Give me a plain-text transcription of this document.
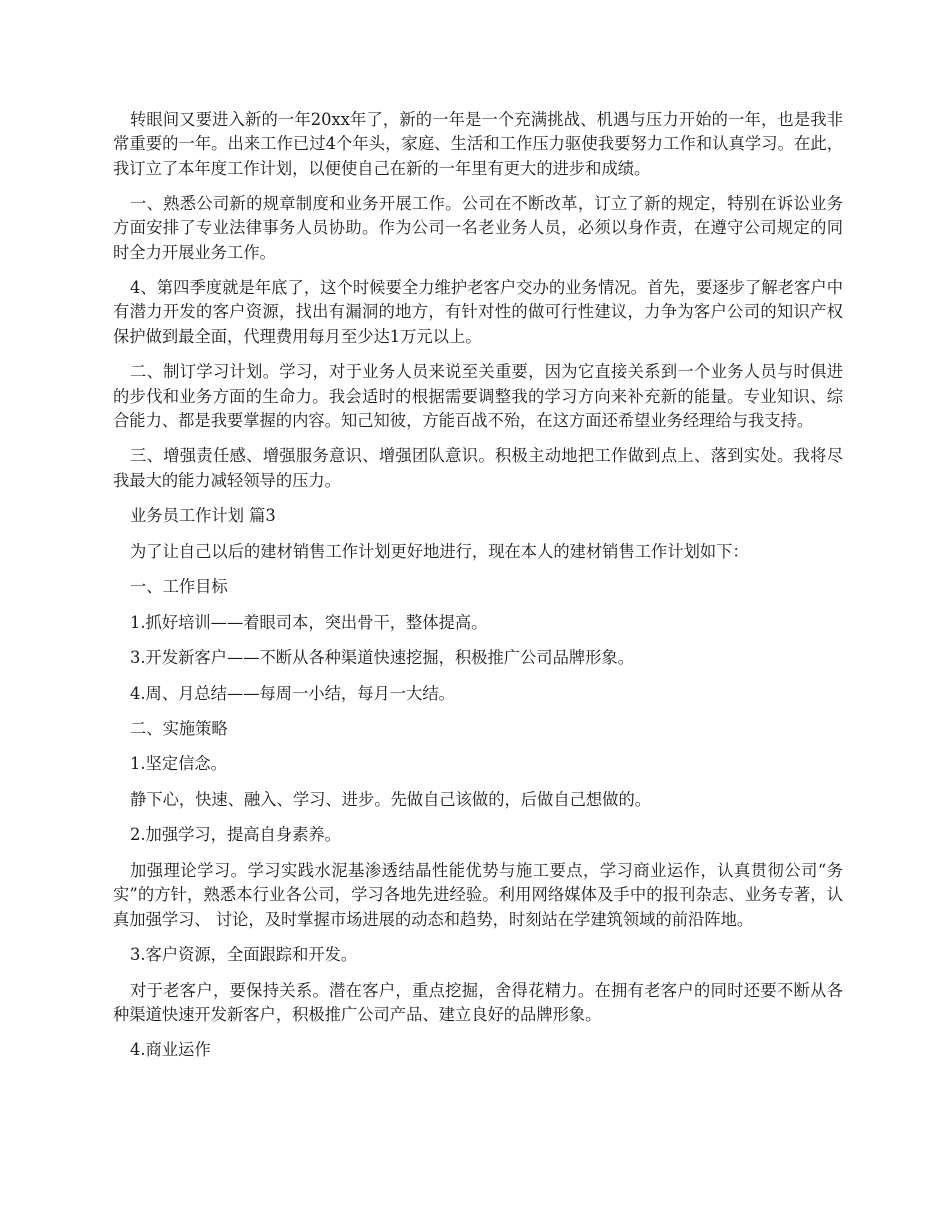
转眼间又要进入新的一年20xx年了，新的一年是一个充满挑战、机遇与压力开始的一年，也是我非常重要的一年。出来工作已过4个年头，家庭、生活和工作压力驱使我要努力工作和认真学习。在此，我订立了本年度工作计划，以便使自己在新的一年里有更大的进步和成绩。

一、熟悉公司新的规章制度和业务开展工作。公司在不断改革，订立了新的规定，特别在诉讼业务方面安排了专业法律事务人员协助。作为公司一名老业务人员，必须以身作责，在遵守公司规定的同时全力开展业务工作。

4、第四季度就是年底了，这个时候要全力维护老客户交办的业务情况。首先，要逐步了解老客户中有潜力开发的客户资源，找出有漏洞的地方，有针对性的做可行性建议，力争为客户公司的知识产权保护做到最全面，代理费用每月至少达1万元以上。

二、制订学习计划。学习，对于业务人员来说至关重要，因为它直接关系到一个业务人员与时俱进的步伐和业务方面的生命力。我会适时的根据需要调整我的学习方向来补充新的能量。专业知识、综合能力、都是我要掌握的内容。知己知彼，方能百战不殆，在这方面还希望业务经理给与我支持。

三、增强责任感、增强服务意识、增强团队意识。积极主动地把工作做到点上、落到实处。我将尽我最大的能力减轻领导的压力。

业务员工作计划 篇3

为了让自己以后的建材销售工作计划更好地进行，现在本人的建材销售工作计划如下：

一、工作目标

1.抓好培训——着眼司本，突出骨干，整体提高。

3.开发新客户——不断从各种渠道快速挖掘，积极推广公司品牌形象。

4.周、月总结——每周一小结，每月一大结。

二、实施策略

1.坚定信念。

静下心，快速、融入、学习、进步。先做自己该做的，后做自己想做的。

2.加强学习，提高自身素养。

加强理论学习。学习实践水泥基渗透结晶性能优势与施工要点，学习商业运作，认真贯彻公司“务实”的方针，熟悉本行业各公司，学习各地先进经验。利用网络媒体及手中的报刊杂志、业务专著，认真加强学习、 讨论，及时掌握市场进展的动态和趋势，时刻站在学建筑领域的前沿阵地。

3.客户资源，全面跟踪和开发。

对于老客户，要保持关系。潜在客户，重点挖掘，舍得花精力。在拥有老客户的同时还要不断从各种渠道快速开发新客户，积极推广公司产品、建立良好的品牌形象。

4.商业运作
